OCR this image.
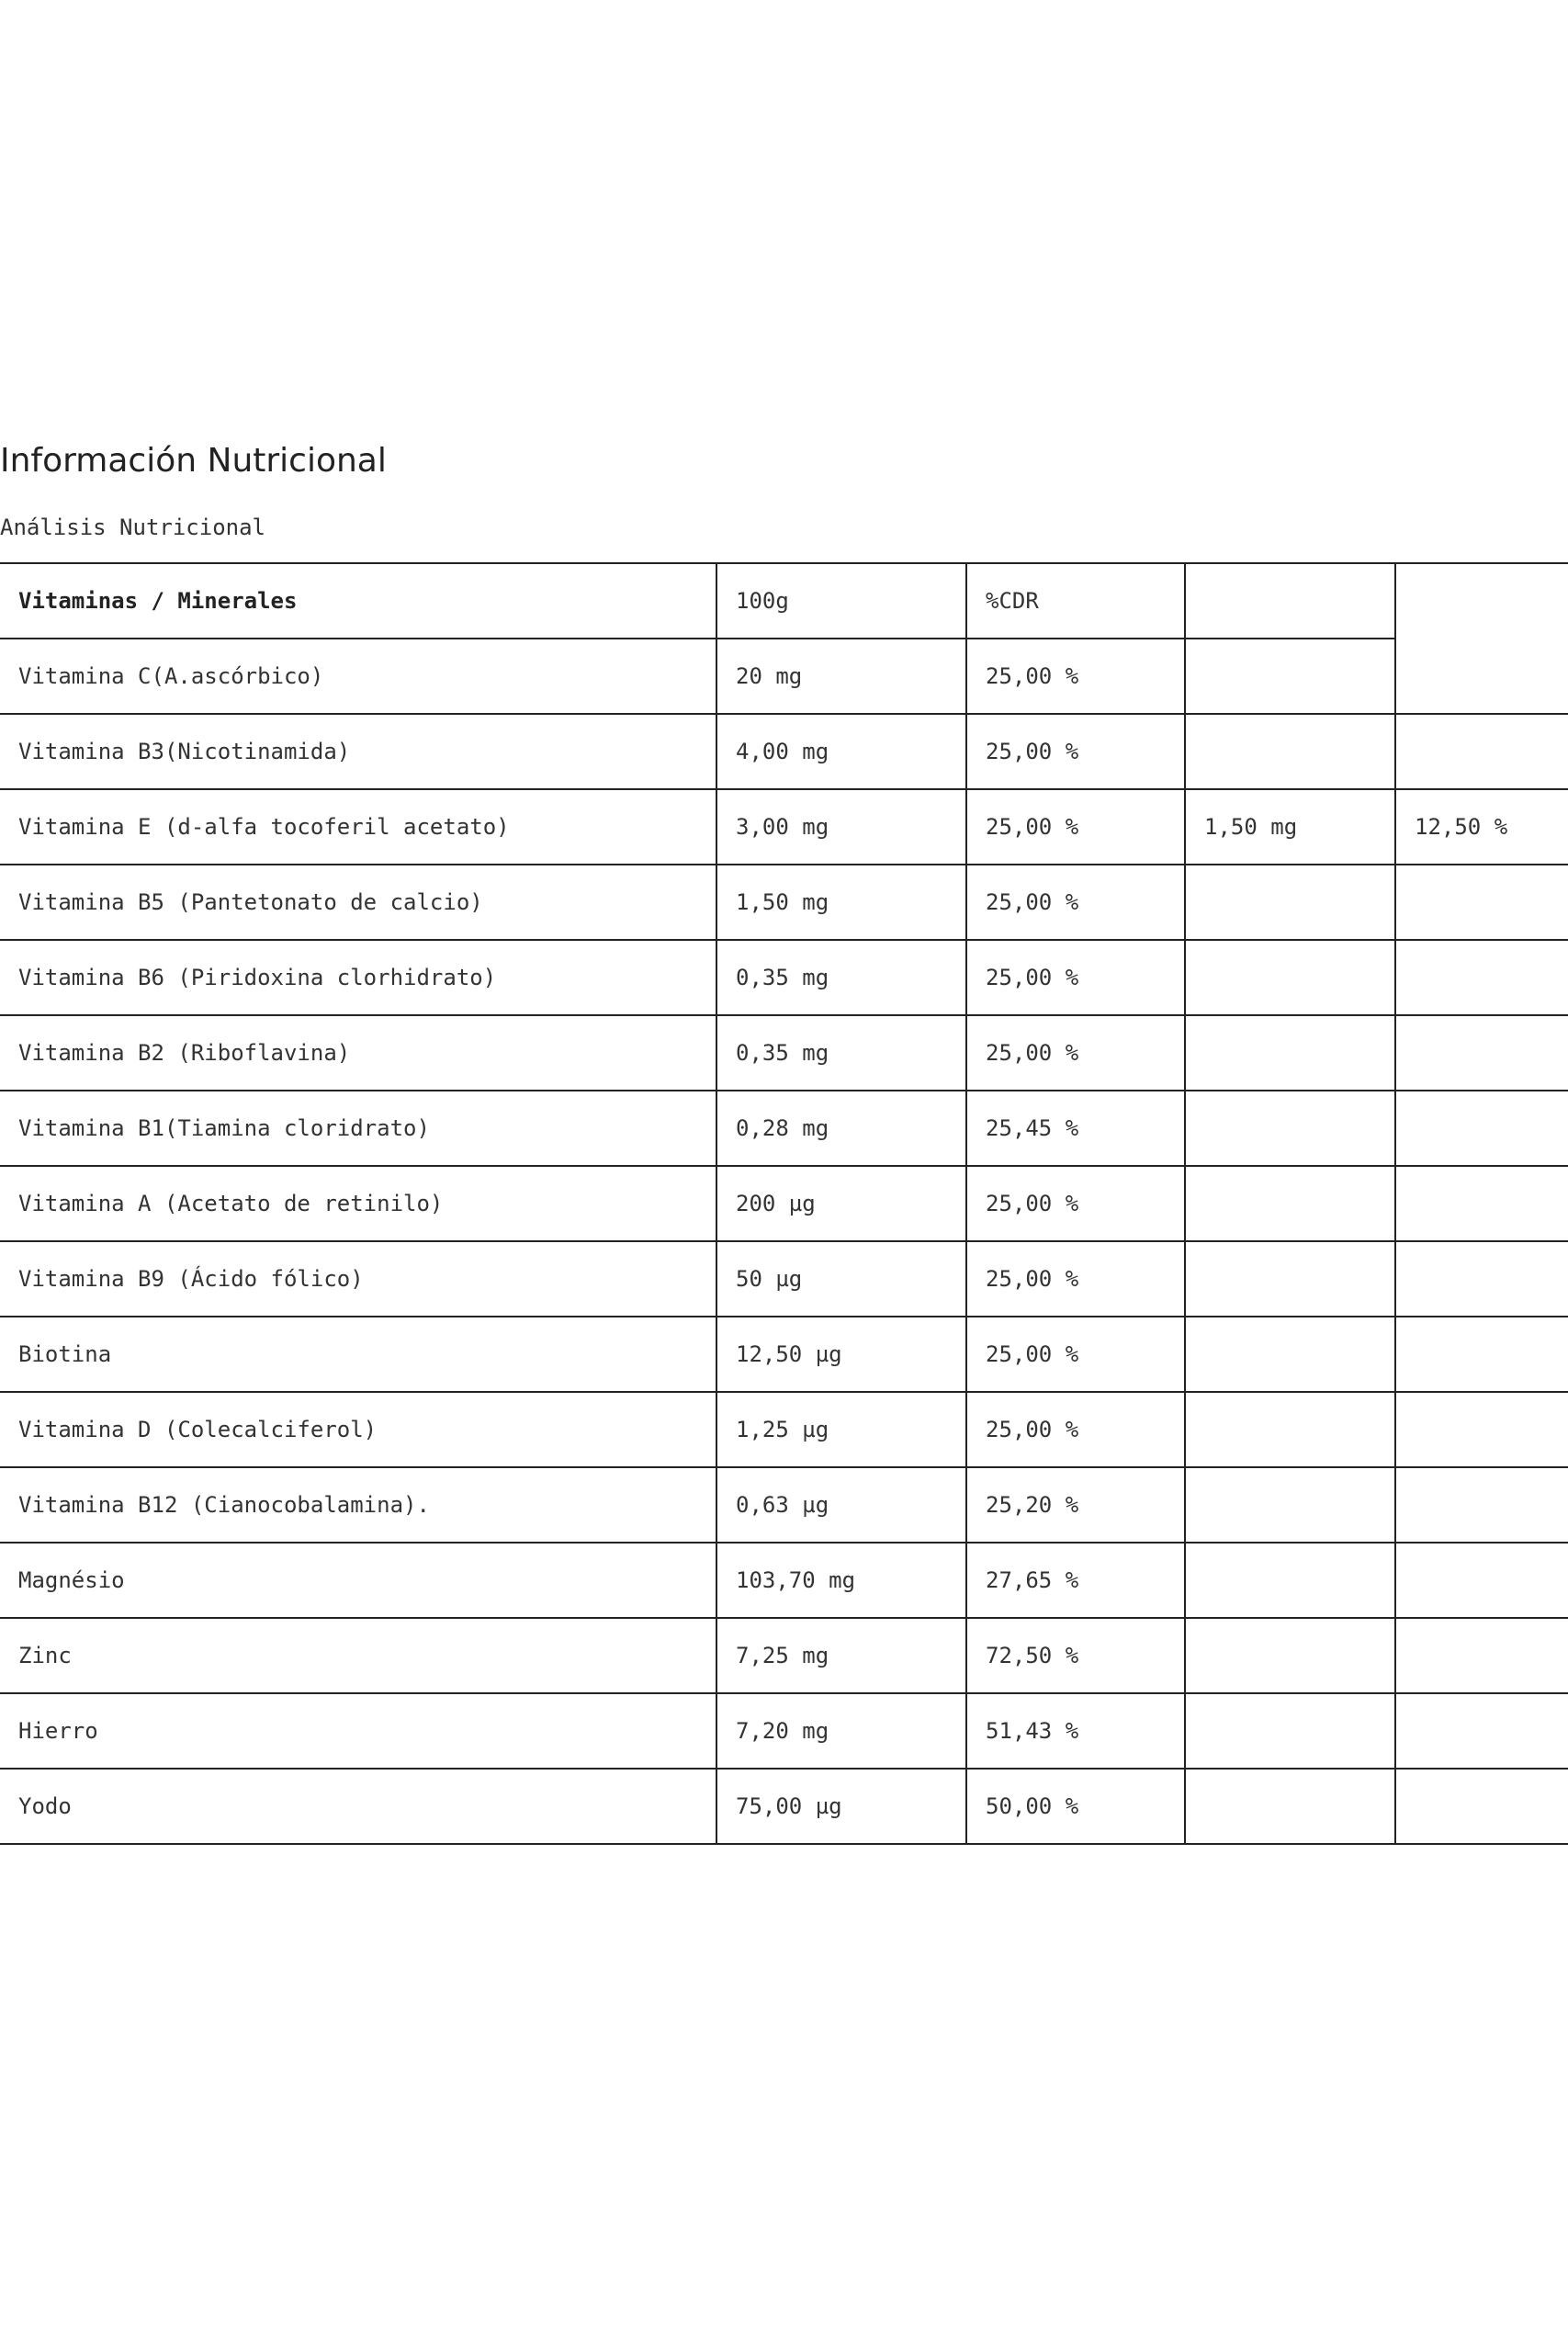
Información Nutricional

Análisis Nutricional

Vitaminas / Minerales	100g	%CDR		
Vitamina C(A.ascórbico)	20 mg	25,00 %		
Vitamina B3(Nicotinamida)	4,00 mg	25,00 %		
Vitamina E (d-alfa tocoferil acetato)	3,00 mg	25,00 %	1,50 mg	12,50 %
Vitamina B5 (Pantetonato de calcio)	1,50 mg	25,00 %		
Vitamina B6 (Piridoxina clorhidrato)	0,35 mg	25,00 %		
Vitamina B2 (Riboflavina)	0,35 mg	25,00 %		
Vitamina B1(Tiamina cloridrato)	0,28 mg	25,45 %		
Vitamina A (Acetato de retinilo)	200 µg	25,00 %		
Vitamina B9 (Ácido fólico)	50 µg	25,00 %		
Biotina	12,50 µg	25,00 %		
Vitamina D (Colecalciferol)	1,25 µg	25,00 %		
Vitamina B12 (Cianocobalamina).	0,63 µg	25,20 %		
Magnésio	103,70 mg	27,65 %		
Zinc	7,25 mg	72,50 %		
Hierro	7,20 mg	51,43 %		
Yodo	75,00 µg	50,00 %		
